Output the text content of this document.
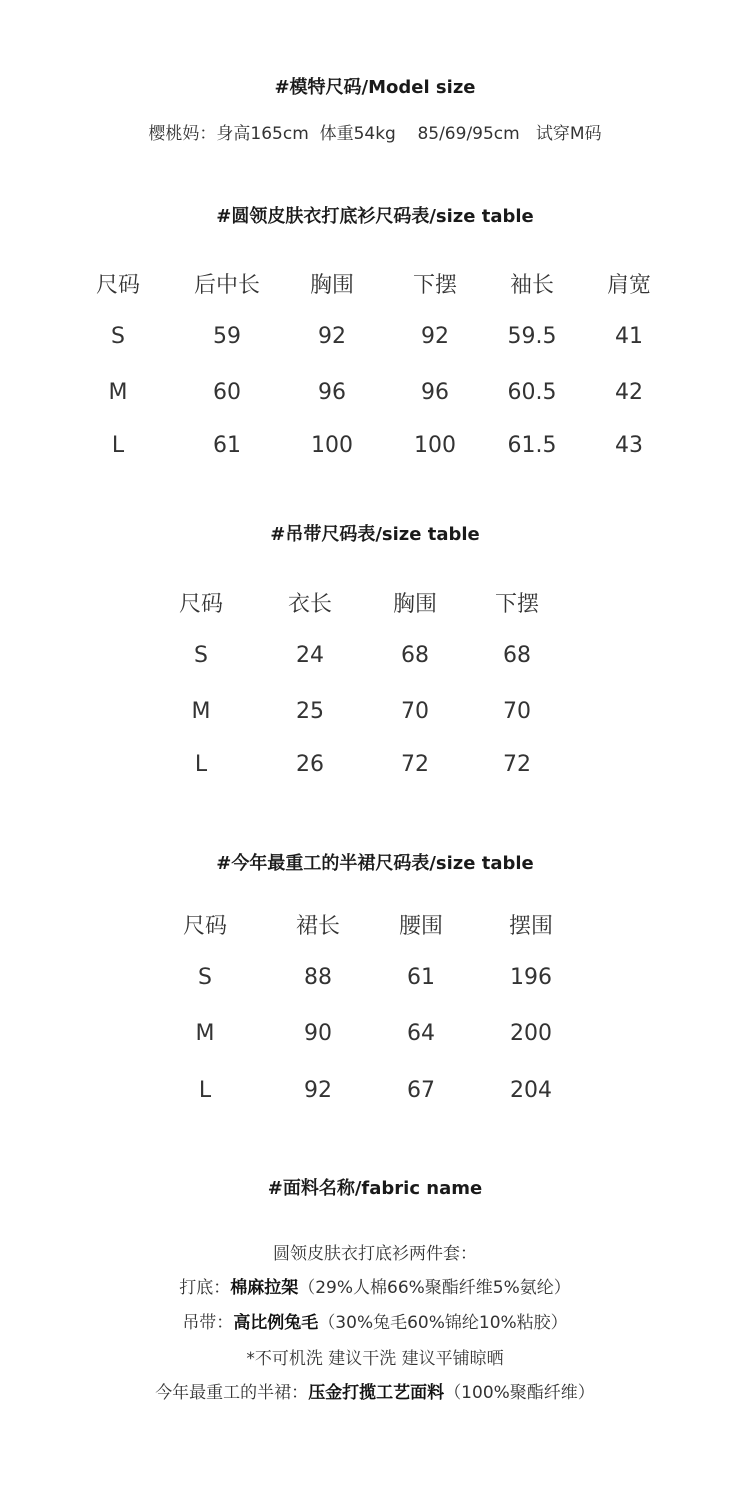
#模特尺码/Model size
樱桃妈：身高165cm  体重54kg    85/69/95cm   试穿M码
#圆领皮肤衣打底衫尺码表/size table
尺码	后中长	胸围	下摆	袖长	肩宽
S	59	92	92	59.5	41
M	60	96	96	60.5	42
L	61	100	100	61.5	43
#吊带尺码表/size table
尺码	衣长	胸围	下摆
S	24	68	68
M	25	70	70
L	26	72	72
#今年最重工的半裙尺码表/size table
尺码	裙长	腰围	摆围
S	88	61	196
M	90	64	200
L	92	67	204
#面料名称/fabric name
圆领皮肤衣打底衫两件套：
打底：棉麻拉架（29%人棉66%聚酯纤维5%氨纶）
吊带：高比例兔毛（30%兔毛60%锦纶10%粘胶）
*不可机洗 建议干洗 建议平铺晾晒
今年最重工的半裙：压金打揽工艺面料（100%聚酯纤维）
